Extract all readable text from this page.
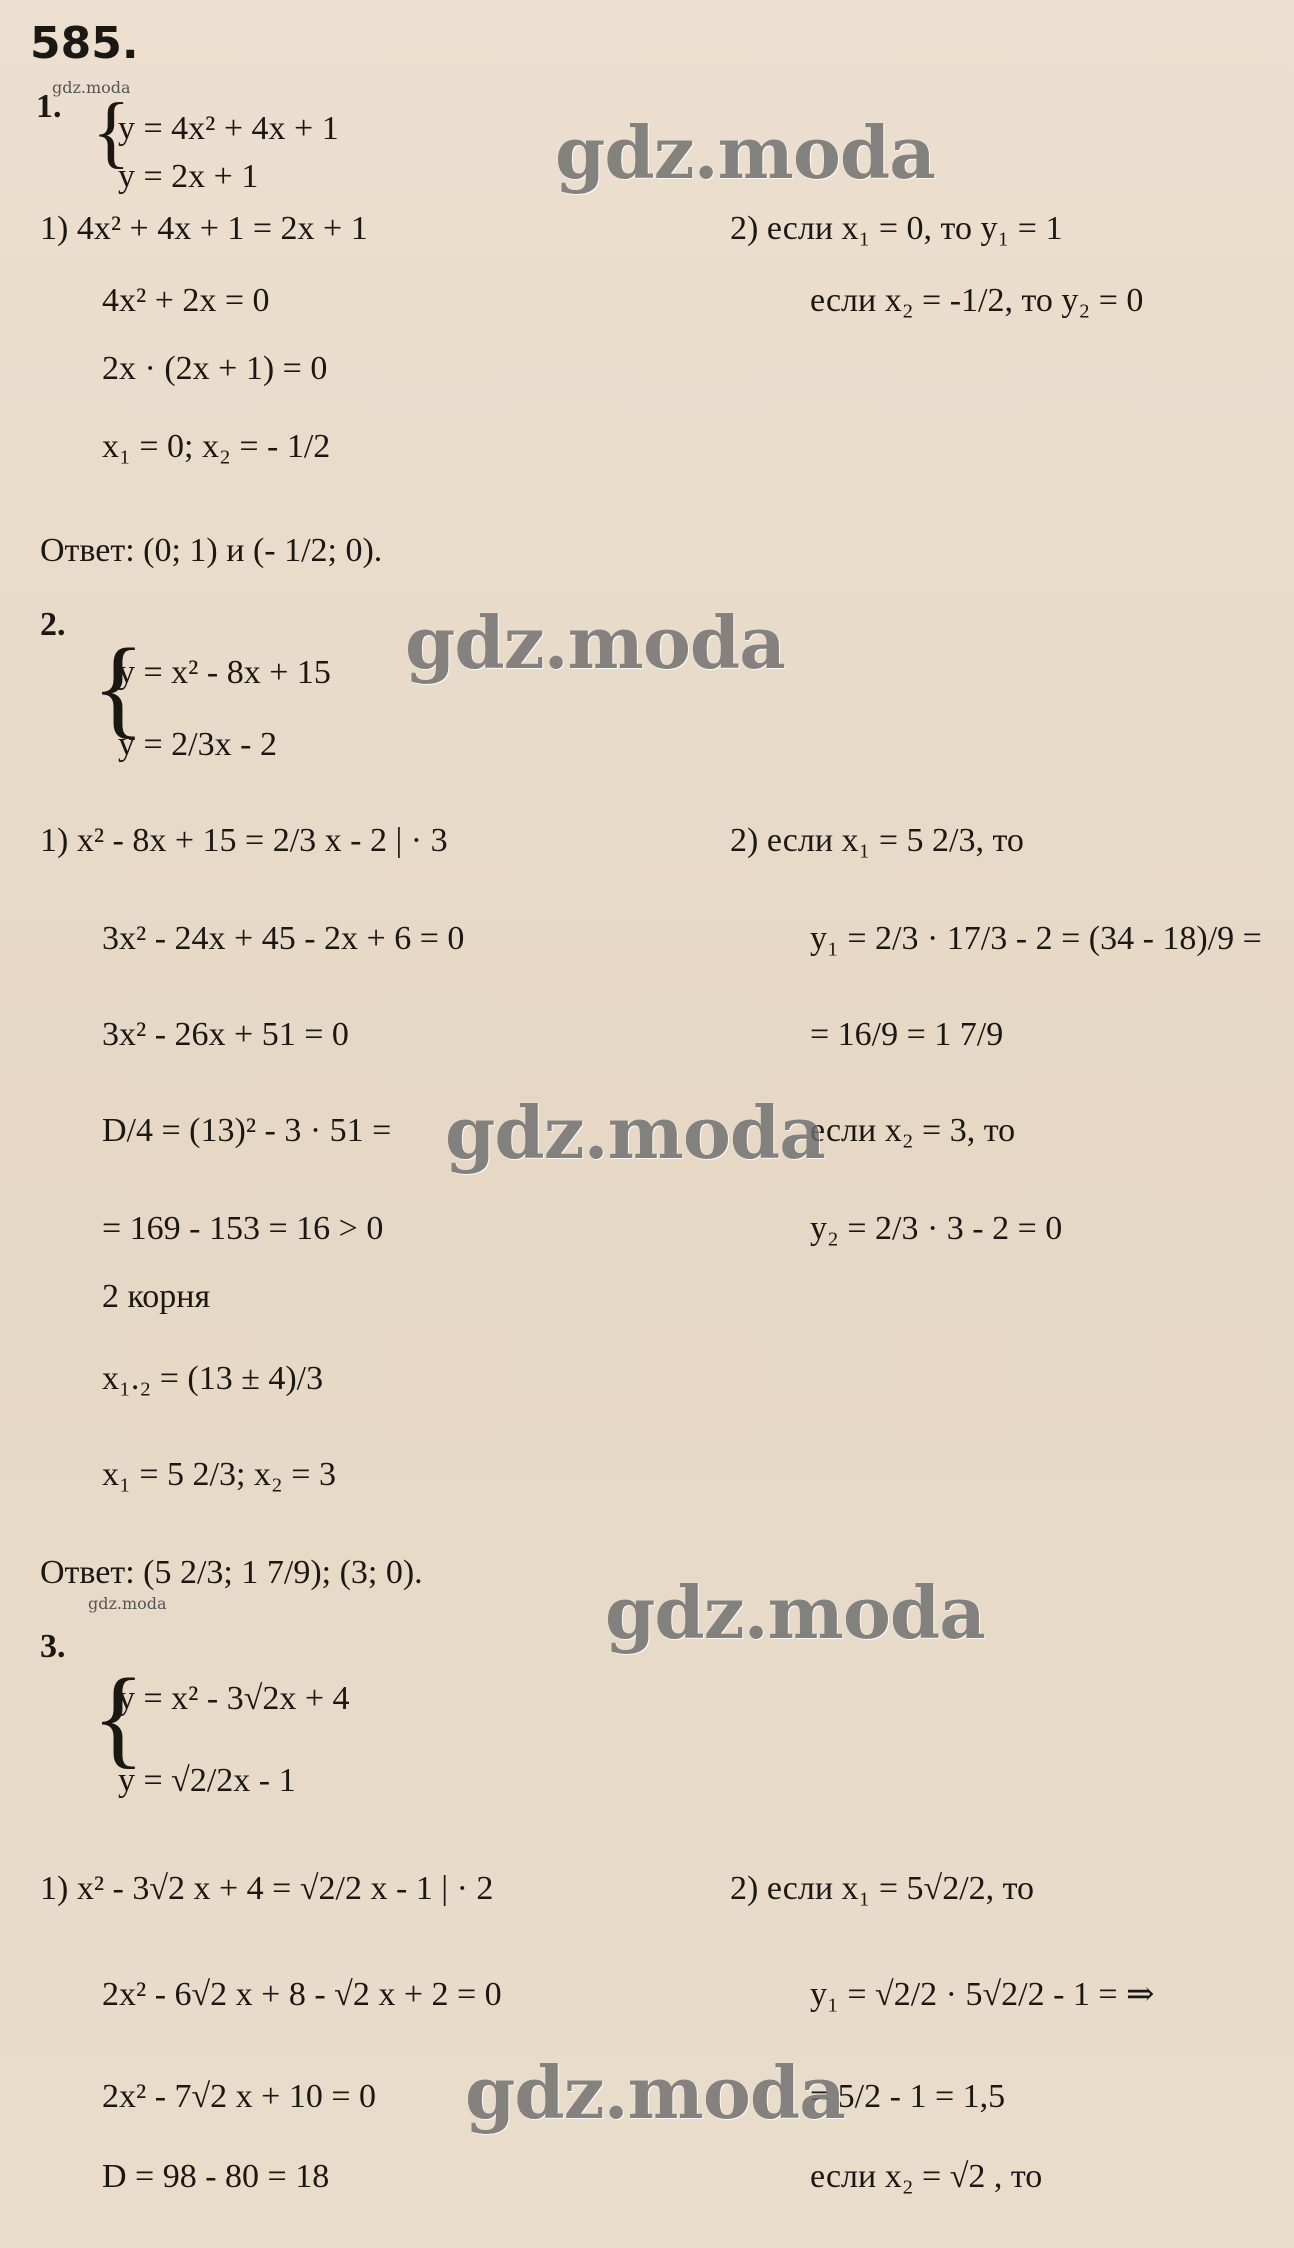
585.
gdz.moda
1. {
y = 4x² + 4x + 1
y = 2x + 1
1) 4x² + 4x + 1 = 2x + 1
4x² + 2x = 0
2x · (2x + 1) = 0
x₁ = 0; x₂ = - 1/2
2) если x₁ = 0, то y₁ = 1
если x₂ = -1/2, то y₂ = 0
Ответ: (0; 1) и (- 1/2; 0).
2.
{
y = x² - 8x + 15
y = 2/3x - 2
1) x² - 8x + 15 = 2/3 x - 2 | · 3
3x² - 24x + 45 - 2x + 6 = 0
3x² - 26x + 51 = 0
D/4 = (13)² - 3 · 51 =
= 169 - 153 = 16 > 0
2 корня
x₁.₂ = (13 ± 4)/3
x₁ = 5 2/3; x₂ = 3
2) если x₁ = 5 2/3, то
y₁ = 2/3 · 17/3 - 2 = (34 - 18)/9 =
= 16/9 = 1 7/9
если x₂ = 3, то
y₂ = 2/3 · 3 - 2 = 0
Ответ: (5 2/3; 1 7/9); (3; 0).
gdz.moda
3.
{
y = x² - 3√2x + 4
y = √2/2x - 1
1) x² - 3√2 x + 4 = √2/2 x - 1 | · 2
2x² - 6√2 x + 8 - √2 x + 2 = 0
2x² - 7√2 x + 10 = 0
D = 98 - 80 = 18
2) если x₁ = 5√2/2, то
y₁ = √2/2 · 5√2/2 - 1 = ⇒
= 5/2 - 1 = 1,5
если x₂ = √2 , то
gdz.moda
gdz.moda
gdz.moda
gdz.moda
gdz.moda
